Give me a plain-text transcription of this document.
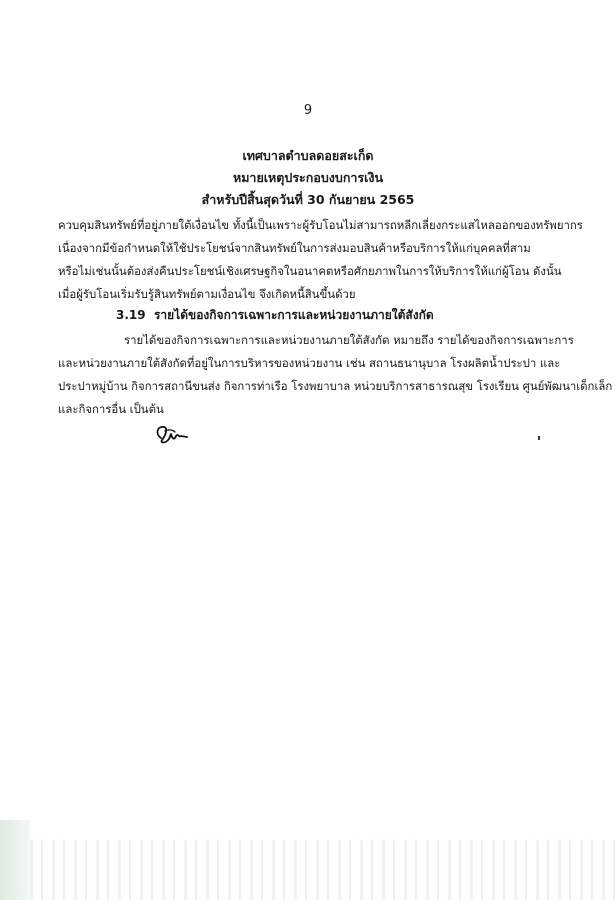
9
เทศบาลตำบลดอยสะเก็ด
หมายเหตุประกอบงบการเงิน
สำหรับปีสิ้นสุดวันที่ 30 กันยายน 2565
ควบคุมสินทรัพย์ที่อยู่ภายใต้เงื่อนไข ทั้งนี้เป็นเพราะผู้รับโอนไม่สามารถหลีกเลี่ยงกระแสไหลออกของทรัพยากร
เนื่องจากมีข้อกำหนดให้ใช้ประโยชน์จากสินทรัพย์ในการส่งมอบสินค้าหรือบริการให้แก่บุคคลที่สาม
หรือไม่เช่นนั้นต้องส่งคืนประโยชน์เชิงเศรษฐกิจในอนาคตหรือศักยภาพในการให้บริการให้แก่ผู้โอน ดังนั้น
เมื่อผู้รับโอนเริ่มรับรู้สินทรัพย์ตามเงื่อนไข จึงเกิดหนี้สินขึ้นด้วย
3.19 รายได้ของกิจการเฉพาะการและหน่วยงานภายใต้สังกัด
รายได้ของกิจการเฉพาะการและหน่วยงานภายใต้สังกัด หมายถึง รายได้ของกิจการเฉพาะการ
และหน่วยงานภายใต้สังกัดที่อยู่ในการบริหารของหน่วยงาน เช่น สถานธนานุบาล โรงผลิตน้ำประปา และ
ประปาหมู่บ้าน กิจการสถานีขนส่ง กิจการท่าเรือ โรงพยาบาล หน่วยบริการสาธารณสุข โรงเรียน ศูนย์พัฒนาเด็กเล็ก
และกิจการอื่น เป็นต้น
